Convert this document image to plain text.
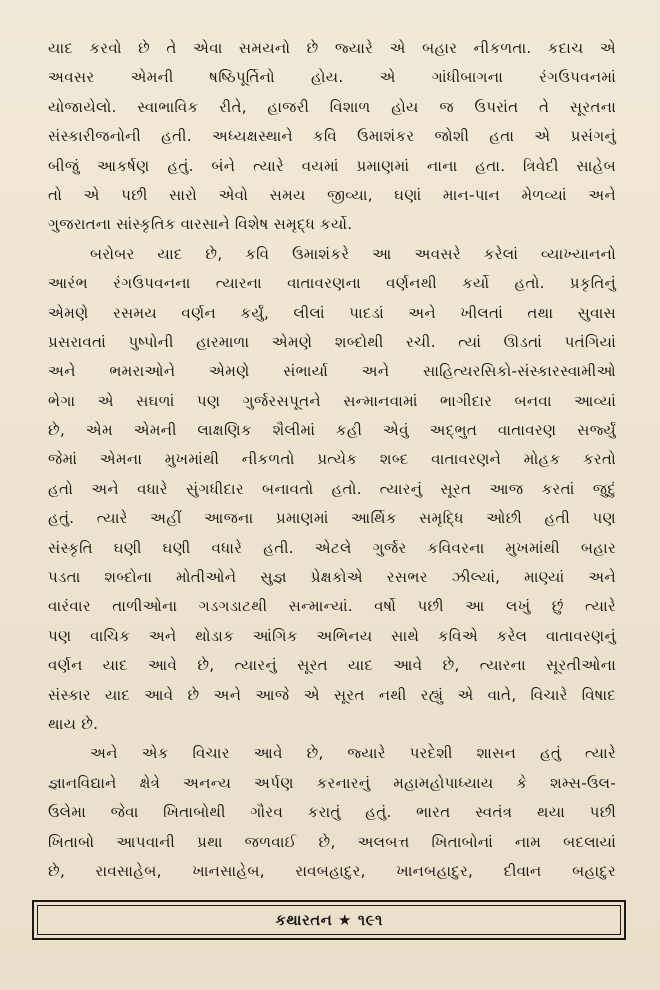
યાદ કરવો છે તે એવા સમયનો છે જ્યારે એ બહાર નીકળતા. કદાચ એ
અવસર એમની ષષ્ઠિપૂર્તિનો હોય. એ ગાંધીબાગના રંગઉપવનમાં
યોજાયેલો. સ્વાભાવિક રીતે, હાજરી વિશાળ હોય જ ઉપરાંત તે સૂરતના
સંસ્કારીજનોની હતી. અધ્યક્ષસ્થાને કવિ ઉમાશંકર જોશી હતા એ પ્રસંગનું
બીજું આકર્ષણ હતું. બંને ત્યારે વયમાં પ્રમાણમાં નાના હતા. ત્રિવેદી સાહેબ
તો એ પછી સારો એવો સમય જીવ્યા, ઘણાં માન-પાન મેળવ્યાં અને
ગુજરાતના સાંસ્કૃતિક વારસાને વિશેષ સમૃદ્ધ કર્યો.
બરોબર યાદ છે, કવિ ઉમાશંકરે આ અવસરે કરેલાં વ્યાખ્યાનનો
આરંભ રંગઉપવનના ત્યારના વાતાવરણના વર્ણનથી કર્યો હતો. પ્રકૃતિનું
એમણે રસમય વર્ણન કર્યું, લીલાં પાદડાં અને ખીલતાં તથા સુવાસ
પ્રસરાવતાં પુષ્પોની હારમાળા એમણે શબ્દોથી રચી. ત્યાં ઊડતાં પતંગિયાં
અને ભમરાઓને એમણે સંભાર્યા અને સાહિત્યરસિકો-સંસ્કારસ્વામીઓ
ભેગા એ સઘળાં પણ ગુર્જરસપૂતને સન્માનવામાં ભાગીદાર બનવા આવ્યાં
છે, એમ એમની લાક્ષણિક શૈલીમાં કહી એવું અદ્ભુત વાતાવરણ સર્જ્યું
જેમાં એમના મુખમાંથી નીકળતો પ્રત્યેક શબ્દ વાતાવરણને મોહક કરતો
હતો અને વધારે સુંગધીદાર બનાવતો હતો. ત્યારનું સૂરત આજ કરતાં જુદું
હતું. ત્યારે અહીં આજના પ્રમાણમાં આર્થિક સમૃદ્ધિ ઓછી હતી પણ
સંસ્કૃતિ ઘણી ઘણી વધારે હતી. એટલે ગુર્જર કવિવરના મુખમાંથી બહાર
પડતા શબ્દોના મોતીઓને સુજ્ઞ પ્રેક્ષકોએ રસભર ઝીલ્યાં, માણ્યાં અને
વારંવાર તાળીઓના ગડગડાટથી સન્માન્યાં. વર્ષો પછી આ લખું છું ત્યારે
પણ વાચિક અને થોડાક આંગિક અભિનય સાથે કવિએ કરેલ વાતાવરણનું
વર્ણન યાદ આવે છે, ત્યારનું સૂરત યાદ આવે છે, ત્યારના સૂરતીઓના
સંસ્કાર યાદ આવે છે અને આજે એ સૂરત નથી રહ્યું એ વાતે, વિચારે વિષાદ
થાય છે.
અને એક વિચાર આવે છે, જ્યારે પરદેશી શાસન હતું ત્યારે
જ્ઞાનવિદ્યાને ક્ષેત્રે અનન્ય અર્પણ કરનારનું મહામહોપાધ્યાય કે શમ્સ-ઉલ-
ઉલેમા જેવા ખિતાબોથી ગૌરવ કરાતું હતું. ભારત સ્વતંત્ર થયા પછી
ખિતાબો આપવાની પ્રથા જળવાઈ છે, અલબત્ત ખિતાબોનાં નામ બદલાયાં
છે, રાવસાહેબ, ખાનસાહેબ, રાવબહાદુર, ખાનબહાદુર, દીવાન બહાદુર
કથારતન ★ ૧૯૧
